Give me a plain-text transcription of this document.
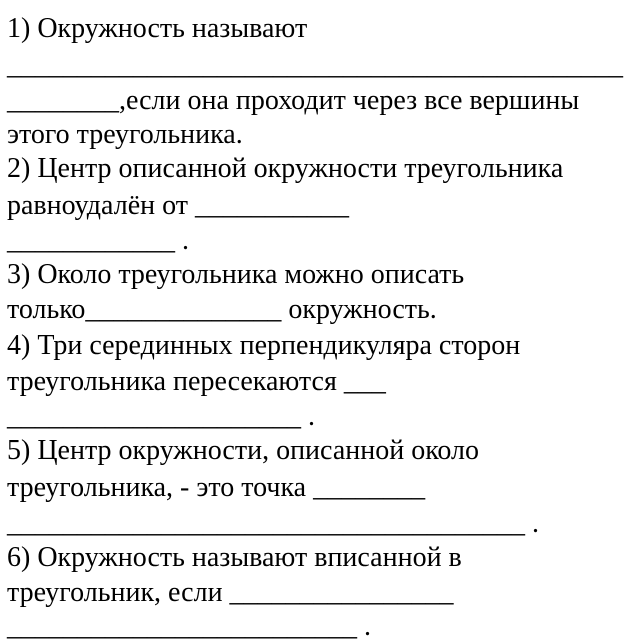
1) Окружность называют

____________________________________________

________,если она проходит через все вершины

этого треугольника.

2) Центр описанной окружности треугольника

равноудалён от ___________

____________ .

3) Около треугольника можно описать

только______________ окружность.

4) Три серединных перпендикуляра сторон

треугольника пересекаются ___

_____________________ .

5) Центр окружности, описанной около

треугольника, - это точка ________

_____________________________________ .

6) Окружность называют вписанной в

треугольник, если ________________

_________________________ .
